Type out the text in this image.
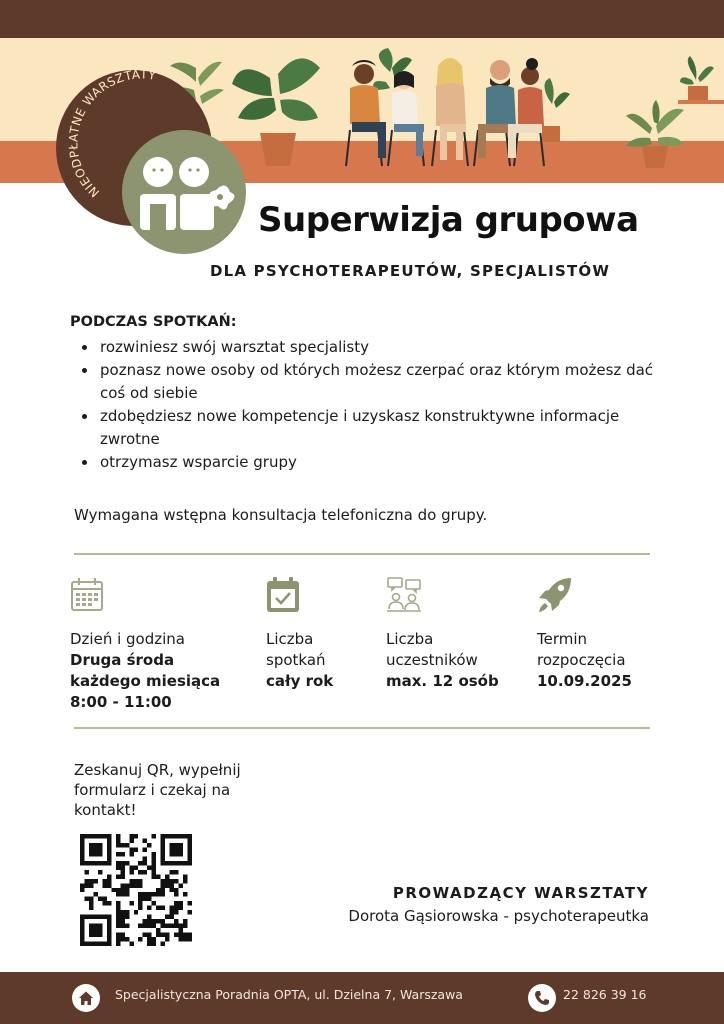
NIEODPŁATNE WARSZTATY
Superwizja grupowa
DLA PSYCHOTERAPEUTÓW, SPECJALISTÓW
PODCZAS SPOTKAŃ:
• rozwiniesz swój warsztat specjalisty
• poznasz nowe osoby od których możesz czerpać oraz którym możesz dać coś od siebie
• zdobędziesz nowe kompetencje i uzyskasz konstruktywne informacje zwrotne
• otrzymasz wsparcie grupy
Wymagana wstępna konsultacja telefoniczna do grupy.
Dzień i godzina
Druga środa
każdego miesiąca
8:00 - 11:00
Liczba
spotkań
cały rok
Liczba
uczestników
max. 12 osób
Termin
rozpoczęcia
10.09.2025
Zeskanuj QR, wypełnij formularz i czekaj na kontakt!
PROWADZĄCY WARSZTATY
Dorota Gąsiorowska - psychoterapeutka
Specjalistyczna Poradnia OPTA, ul. Dzielna 7, Warszawa	22 826 39 16
